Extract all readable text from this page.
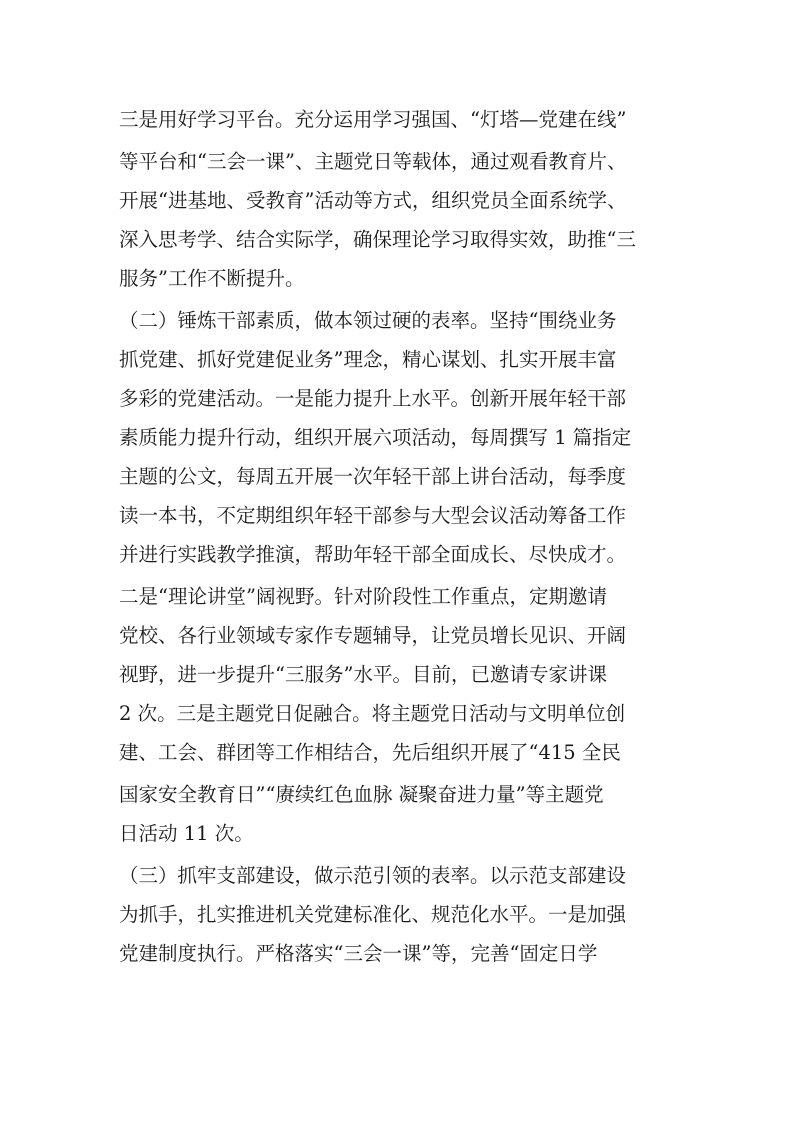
三是用好学习平台。充分运用学习强国、“灯塔—党建在线”
等平台和“三会一课”、主题党日等载体，通过观看教育片、
开展“进基地、受教育”活动等方式，组织党员全面系统学、
深入思考学、结合实际学，确保理论学习取得实效，助推“三
服务”工作不断提升。
（二）锤炼干部素质，做本领过硬的表率。坚持“围绕业务
抓党建、抓好党建促业务”理念，精心谋划、扎实开展丰富
多彩的党建活动。一是能力提升上水平。创新开展年轻干部
素质能力提升行动，组织开展六项活动，每周撰写 1 篇指定
主题的公文，每周五开展一次年轻干部上讲台活动，每季度
读一本书，不定期组织年轻干部参与大型会议活动筹备工作
并进行实践教学推演，帮助年轻干部全面成长、尽快成才。
二是“理论讲堂”阔视野。针对阶段性工作重点，定期邀请
党校、各行业领域专家作专题辅导，让党员增长见识、开阔
视野，进一步提升“三服务”水平。目前，已邀请专家讲课
2 次。三是主题党日促融合。将主题党日活动与文明单位创
建、工会、群团等工作相结合，先后组织开展了“415 全民
国家安全教育日”“赓续红色血脉 凝聚奋进力量”等主题党
日活动 11 次。
（三）抓牢支部建设，做示范引领的表率。以示范支部建设
为抓手，扎实推进机关党建标准化、规范化水平。一是加强
党建制度执行。严格落实“三会一课”等，完善“固定日学
